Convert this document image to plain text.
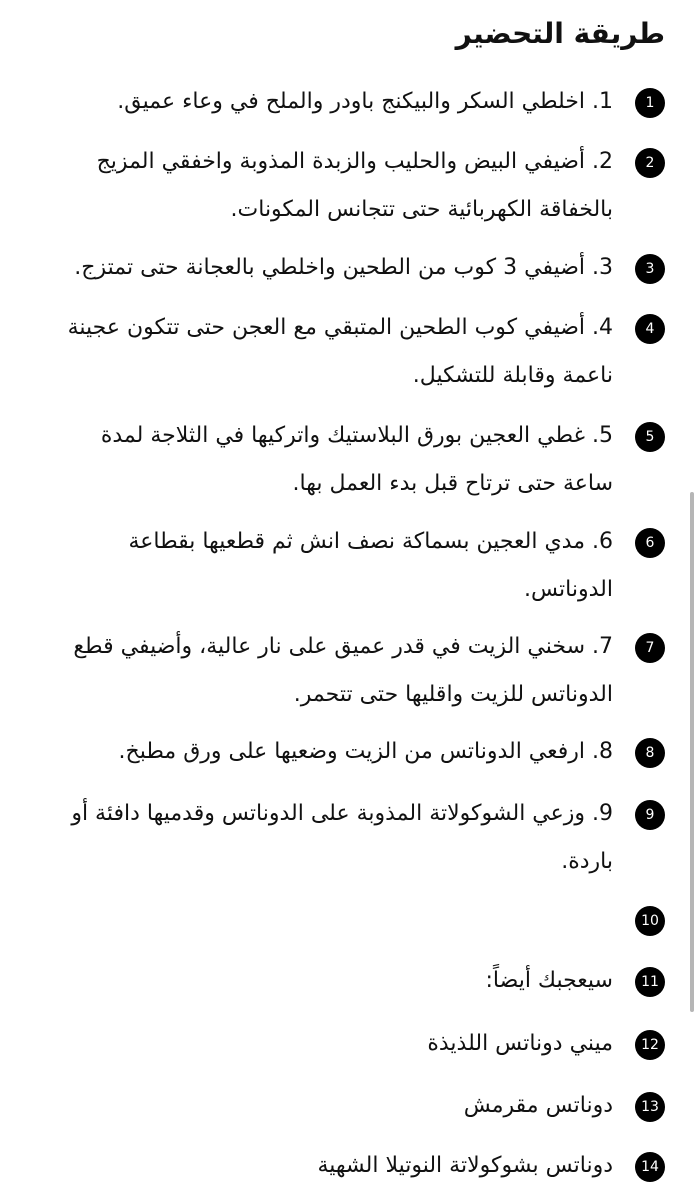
طريقة التحضير
1
1. اخلطي السكر والبيكنج باودر والملح في وعاء عميق.
2
2. أضيفي البيض والحليب والزبدة المذوبة واخفقي المزيج بالخفاقة الكهربائية حتى تتجانس المكونات.
3
3. أضيفي 3 كوب من الطحين واخلطي بالعجانة حتى تمتزج.
4
4. أضيفي كوب الطحين المتبقي مع العجن حتى تتكون عجينة ناعمة وقابلة للتشكيل.
5
5. غطي العجين بورق البلاستيك واتركيها في الثلاجة لمدة ساعة حتى ترتاح قبل بدء العمل بها.
6
6. مدي العجين بسماكة نصف انش ثم قطعيها بقطاعة الدوناتس.
7
7. سخني الزيت في قدر عميق على نار عالية، وأضيفي قطع الدوناتس للزيت واقليها حتى تتحمر.
8
8. ارفعي الدوناتس من الزيت وضعيها على ورق مطبخ.
9
9. وزعي الشوكولاتة المذوبة على الدوناتس وقدميها دافئة أو باردة.
10
11
سيعجبك أيضاً:
12
ميني دوناتس اللذيذة
13
دوناتس مقرمش
14
دوناتس بشوكولاتة النوتيلا الشهية
